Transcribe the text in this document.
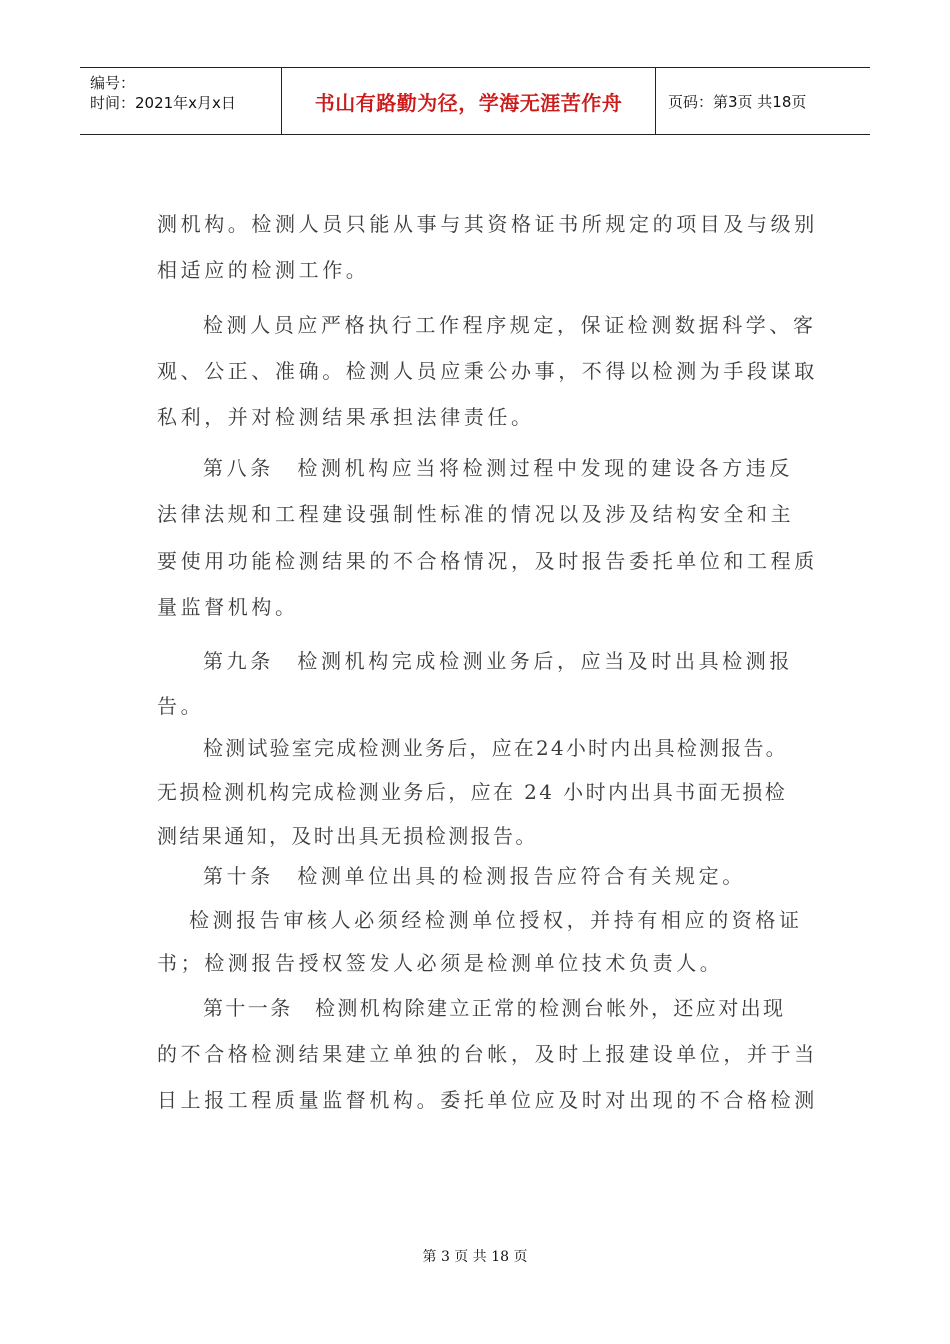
编号：
时间：2021年x月x日	书山有路勤为径，学海无涯苦作舟	页码：第3页 共18页
测机构。检测人员只能从事与其资格证书所规定的项目及与级别
相适应的检测工作。
检测人员应严格执行工作程序规定，保证检测数据科学、客
观、公正、准确。检测人员应秉公办事，不得以检测为手段谋取
私利，并对检测结果承担法律责任。
第八条　检测机构应当将检测过程中发现的建设各方违反
法律法规和工程建设强制性标准的情况以及涉及结构安全和主
要使用功能检测结果的不合格情况，及时报告委托单位和工程质
量监督机构。
第九条　检测机构完成检测业务后，应当及时出具检测报
告。
检测试验室完成检测业务后，应在24小时内出具检测报告。
无损检测机构完成检测业务后，应在 24 小时内出具书面无损检
测结果通知，及时出具无损检测报告。
第十条　检测单位出具的检测报告应符合有关规定。
检测报告审核人必须经检测单位授权，并持有相应的资格证
书；检测报告授权签发人必须是检测单位技术负责人。
第十一条　检测机构除建立正常的检测台帐外，还应对出现
的不合格检测结果建立单独的台帐，及时上报建设单位，并于当
日上报工程质量监督机构。委托单位应及时对出现的不合格检测
第 3 页 共 18 页
